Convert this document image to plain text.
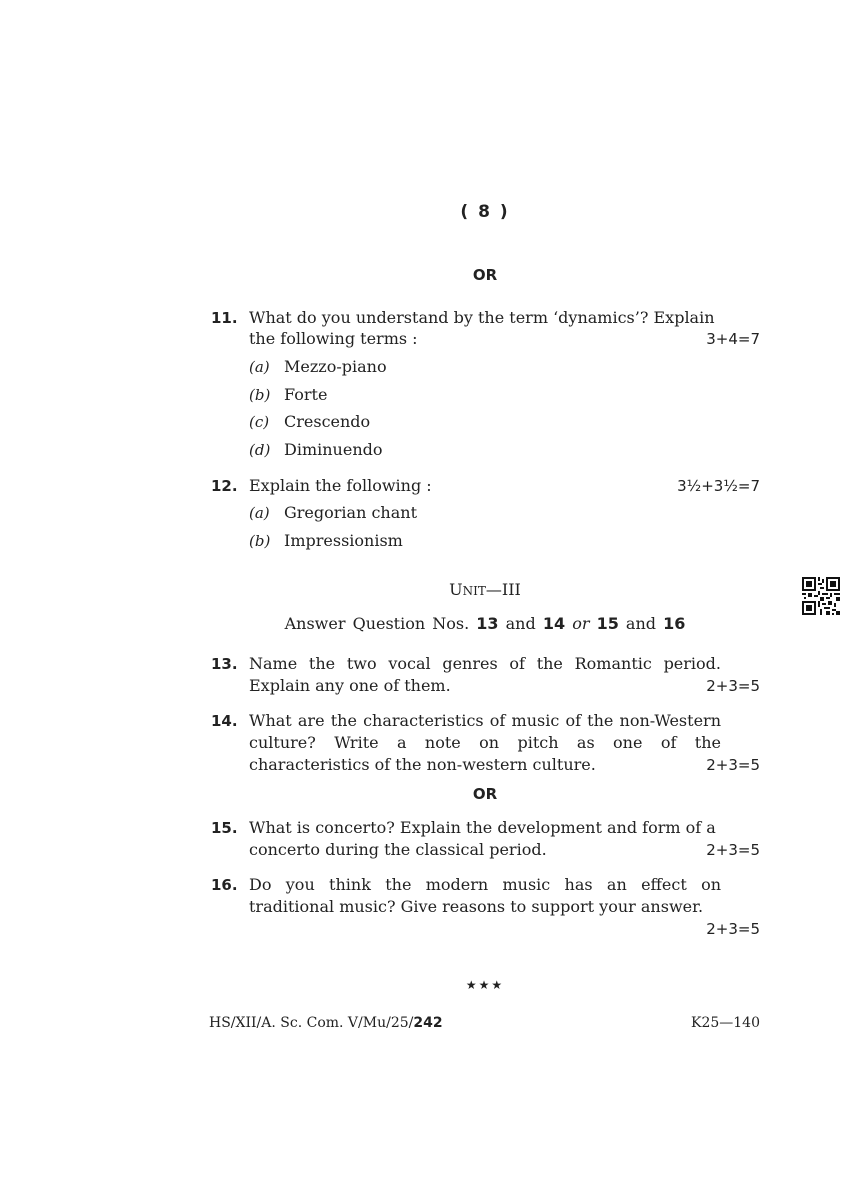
( 8 )
OR
11. What do you understand by the term ‘dynamics’? Explain
the following terms :	3+4=7
(a) Mezzo-piano
(b) Forte
(c) Crescendo
(d) Diminuendo
12. Explain the following :	3½+3½=7
(a) Gregorian chant
(b) Impressionism
UNIT—III
Answer Question Nos. 13 and 14 or 15 and 16
13. Name the two vocal genres of the Romantic period.
Explain any one of them.	2+3=5
14. What are the characteristics of music of the non-Western
culture? Write a note on pitch as one of the
characteristics of the non-western culture.	2+3=5
OR
15. What is concerto? Explain the development and form of a
concerto during the classical period.	2+3=5
16. Do you think the modern music has an effect on
traditional music? Give reasons to support your answer.
2+3=5
★★★
HS/XII/A. Sc. Com. V/Mu/25/242	K25—140
